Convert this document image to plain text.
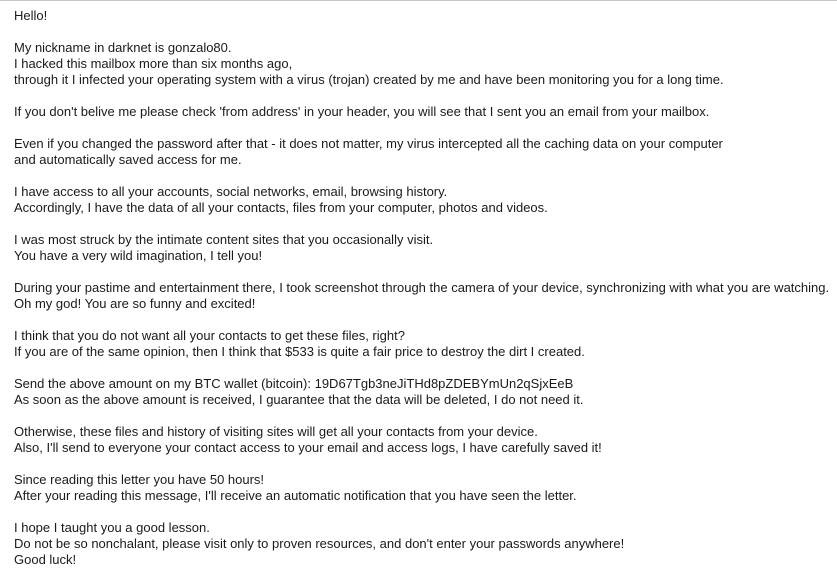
Hello!

My nickname in darknet is gonzalo80.
I hacked this mailbox more than six months ago,
through it I infected your operating system with a virus (trojan) created by me and have been monitoring you for a long time.

If you don't belive me please check 'from address' in your header, you will see that I sent you an email from your mailbox.

Even if you changed the password after that - it does not matter, my virus intercepted all the caching data on your computer
and automatically saved access for me.

I have access to all your accounts, social networks, email, browsing history.
Accordingly, I have the data of all your contacts, files from your computer, photos and videos.

I was most struck by the intimate content sites that you occasionally visit.
You have a very wild imagination, I tell you!

During your pastime and entertainment there, I took screenshot through the camera of your device, synchronizing with what you are watching.
Oh my god! You are so funny and excited!

I think that you do not want all your contacts to get these files, right?
If you are of the same opinion, then I think that $533 is quite a fair price to destroy the dirt I created.

Send the above amount on my BTC wallet (bitcoin): 19D67Tgb3neJiTHd8pZDEBYmUn2qSjxEeB
As soon as the above amount is received, I guarantee that the data will be deleted, I do not need it.

Otherwise, these files and history of visiting sites will get all your contacts from your device.
Also, I'll send to everyone your contact access to your email and access logs, I have carefully saved it!

Since reading this letter you have 50 hours!
After your reading this message, I'll receive an automatic notification that you have seen the letter.

I hope I taught you a good lesson.
Do not be so nonchalant, please visit only to proven resources, and don't enter your passwords anywhere!
Good luck!
